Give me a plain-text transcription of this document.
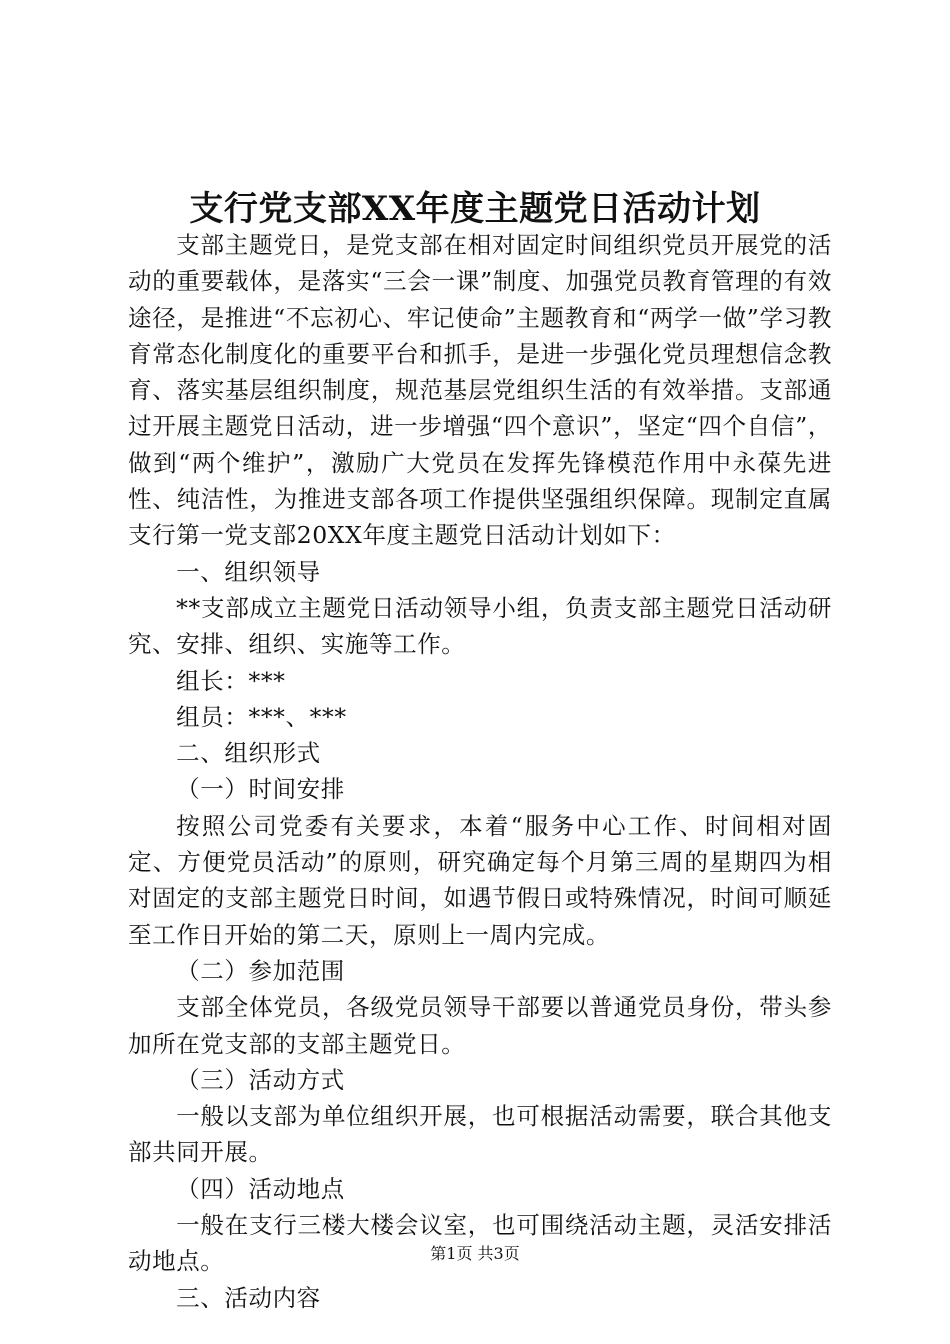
支行党支部XX年度主题党日活动计划

支部主题党日，是党支部在相对固定时间组织党员开展党的活动的重要载体，是落实“三会一课”制度、加强党员教育管理的有效途径，是推进“不忘初心、牢记使命”主题教育和“两学一做”学习教育常态化制度化的重要平台和抓手，是进一步强化党员理想信念教育、落实基层组织制度，规范基层党组织生活的有效举措。支部通过开展主题党日活动，进一步增强“四个意识”，坚定“四个自信”，做到“两个维护”，激励广大党员在发挥先锋模范作用中永葆先进性、纯洁性，为推进支部各项工作提供坚强组织保障。现制定直属支行第一党支部20XX年度主题党日活动计划如下：

一、组织领导

**支部成立主题党日活动领导小组，负责支部主题党日活动研究、安排、组织、实施等工作。

组长：***

组员：***、***

二、组织形式

（一）时间安排

按照公司党委有关要求，本着“服务中心工作、时间相对固定、方便党员活动”的原则，研究确定每个月第三周的星期四为相对固定的支部主题党日时间，如遇节假日或特殊情况，时间可顺延至工作日开始的第二天，原则上一周内完成。

（二）参加范围

支部全体党员，各级党员领导干部要以普通党员身份，带头参加所在党支部的支部主题党日。

（三）活动方式

一般以支部为单位组织开展，也可根据活动需要，联合其他支部共同开展。

（四）活动地点

一般在支行三楼大楼会议室，也可围绕活动主题，灵活安排活动地点。

三、活动内容

第1页 共3页
